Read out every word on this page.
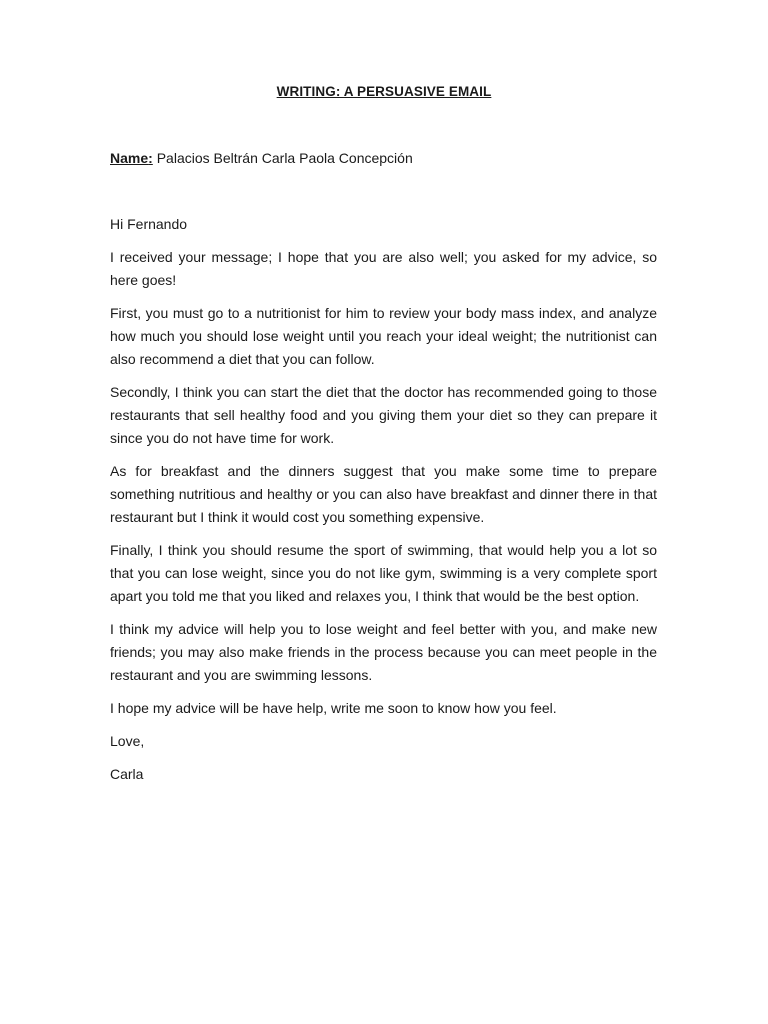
WRITING: A PERSUASIVE EMAIL
Name: Palacios Beltrán Carla Paola Concepción

Hi Fernando

I received your message; I hope that you are also well; you asked for my advice, so here goes!

First, you must go to a nutritionist for him to review your body mass index, and analyze how much you should lose weight until you reach your ideal weight; the nutritionist can also recommend a diet that you can follow.

Secondly, I think you can start the diet that the doctor has recommended going to those restaurants that sell healthy food and you giving them your diet so they can prepare it since you do not have time for work.

As for breakfast and the dinners suggest that you make some time to prepare something nutritious and healthy or you can also have breakfast and dinner there in that restaurant but I think it would cost you something expensive.

Finally, I think you should resume the sport of swimming, that would help you a lot so that you can lose weight, since you do not like gym, swimming is a very complete sport apart you told me that you liked and relaxes you, I think that would be the best option.

I think my advice will help you to lose weight and feel better with you, and make new friends; you may also make friends in the process because you can meet people in the restaurant and you are swimming lessons.

I hope my advice will be have help, write me soon to know how you feel.

Love,

Carla
